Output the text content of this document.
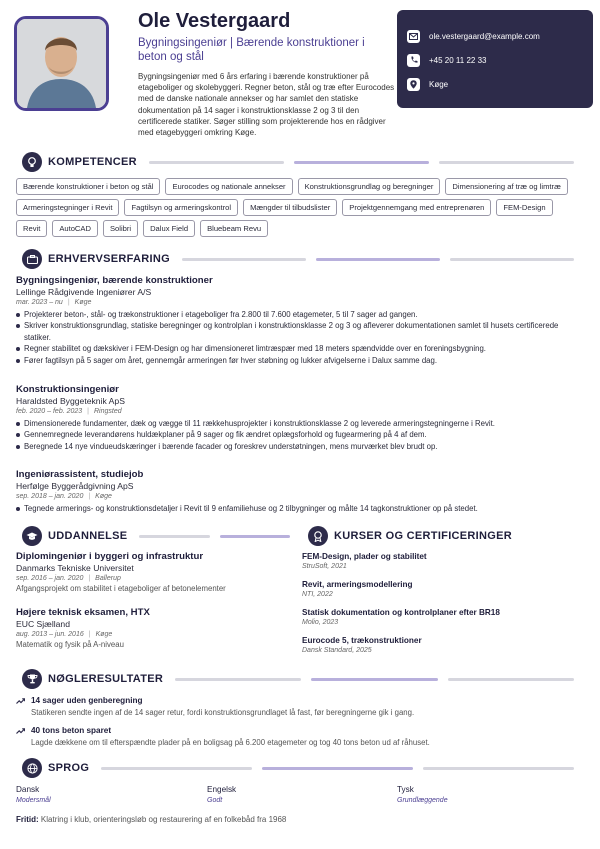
Ole Vestergaard
Bygningsingeniør | Bærende konstruktioner i beton og stål
Bygningsingeniør med 6 års erfaring i bærende konstruktioner på etageboliger og skolebyggeri. Regner beton, stål og træ efter Eurocodes med de danske nationale annekser og har samlet den statiske dokumentation på 14 sager i konstruktionsklasse 2 og 3 til den certificerede statiker. Søger stilling som projekterende hos en rådgiver med etagebyggeri omkring Køge.
ole.vestergaard@example.com
+45 20 11 22 33
Køge
KOMPETENCER
Bærende konstruktioner i beton og stål	Eurocodes og nationale annekser	Konstruktionsgrundlag og beregninger	Dimensionering af træ og limtræ
Armeringstegninger i Revit	Fagtilsyn og armeringskontrol	Mængder til tilbudslister	Projektgennemgang med entreprenøren	FEM-Design
Revit	AutoCAD	Solibri	Dalux Field	Bluebeam Revu
ERHVERVSERFARING
Bygningsingeniør, bærende konstruktioner
Lellinge Rådgivende Ingeniører A/S
mar. 2023 – nu | Køge
Projekterer beton-, stål- og trækonstruktioner i etageboliger fra 2.800 til 7.600 etagemeter, 5 til 7 sager ad gangen.
Skriver konstruktionsgrundlag, statiske beregninger og kontrolplan i konstruktionsklasse 2 og 3 og afleverer dokumentationen samlet til husets certificerede statiker.
Regner stabilitet og dækskiver i FEM-Design og har dimensioneret limtræspær med 18 meters spændvidde over en foreningsbygning.
Fører fagtilsyn på 5 sager om året, gennemgår armeringen før hver støbning og lukker afvigelserne i Dalux samme dag.
Konstruktionsingeniør
Haraldsted Byggeteknik ApS
feb. 2020 – feb. 2023 | Ringsted
Dimensionerede fundamenter, dæk og vægge til 11 rækkehusprojekter i konstruktionsklasse 2 og leverede armeringstegningerne i Revit.
Gennemregnede leverandørens huldækplaner på 9 sager og fik ændret oplægsforhold og fugearmering på 4 af dem.
Beregnede 14 nye vindueudskæringer i bærende facader og foreskrev understøtningen, mens murværket blev brudt op.
Ingeniørassistent, studiejob
Herfølge Byggerådgivning ApS
sep. 2018 – jan. 2020 | Køge
Tegnede armerings- og konstruktionsdetaljer i Revit til 9 enfamiliehuse og 2 tilbygninger og målte 14 tagkonstruktioner op på stedet.
UDDANNELSE
Diplomingeniør i byggeri og infrastruktur
Danmarks Tekniske Universitet
sep. 2016 – jan. 2020 | Ballerup
Afgangsprojekt om stabilitet i etageboliger af betonelementer
Højere teknisk eksamen, HTX
EUC Sjælland
aug. 2013 – jun. 2016 | Køge
Matematik og fysik på A-niveau
KURSER OG CERTIFICERINGER
FEM-Design, plader og stabilitet
StruSoft, 2021
Revit, armeringsmodellering
NTI, 2022
Statisk dokumentation og kontrolplaner efter BR18
Molio, 2023
Eurocode 5, trækonstruktioner
Dansk Standard, 2025
NØGLERESULTATER
14 sager uden genberegning
Statikeren sendte ingen af de 14 sager retur, fordi konstruktionsgrundlaget lå fast, før beregningerne gik i gang.
40 tons beton sparet
Lagde dækkene om til efterspændte plader på en boligsag på 6.200 etagemeter og tog 40 tons beton ud af råhuset.
SPROG
Dansk
Modersmål
Engelsk
Godt
Tysk
Grundlæggende
Fritid: Klatring i klub, orienteringsløb og restaurering af en folkebåd fra 1968
